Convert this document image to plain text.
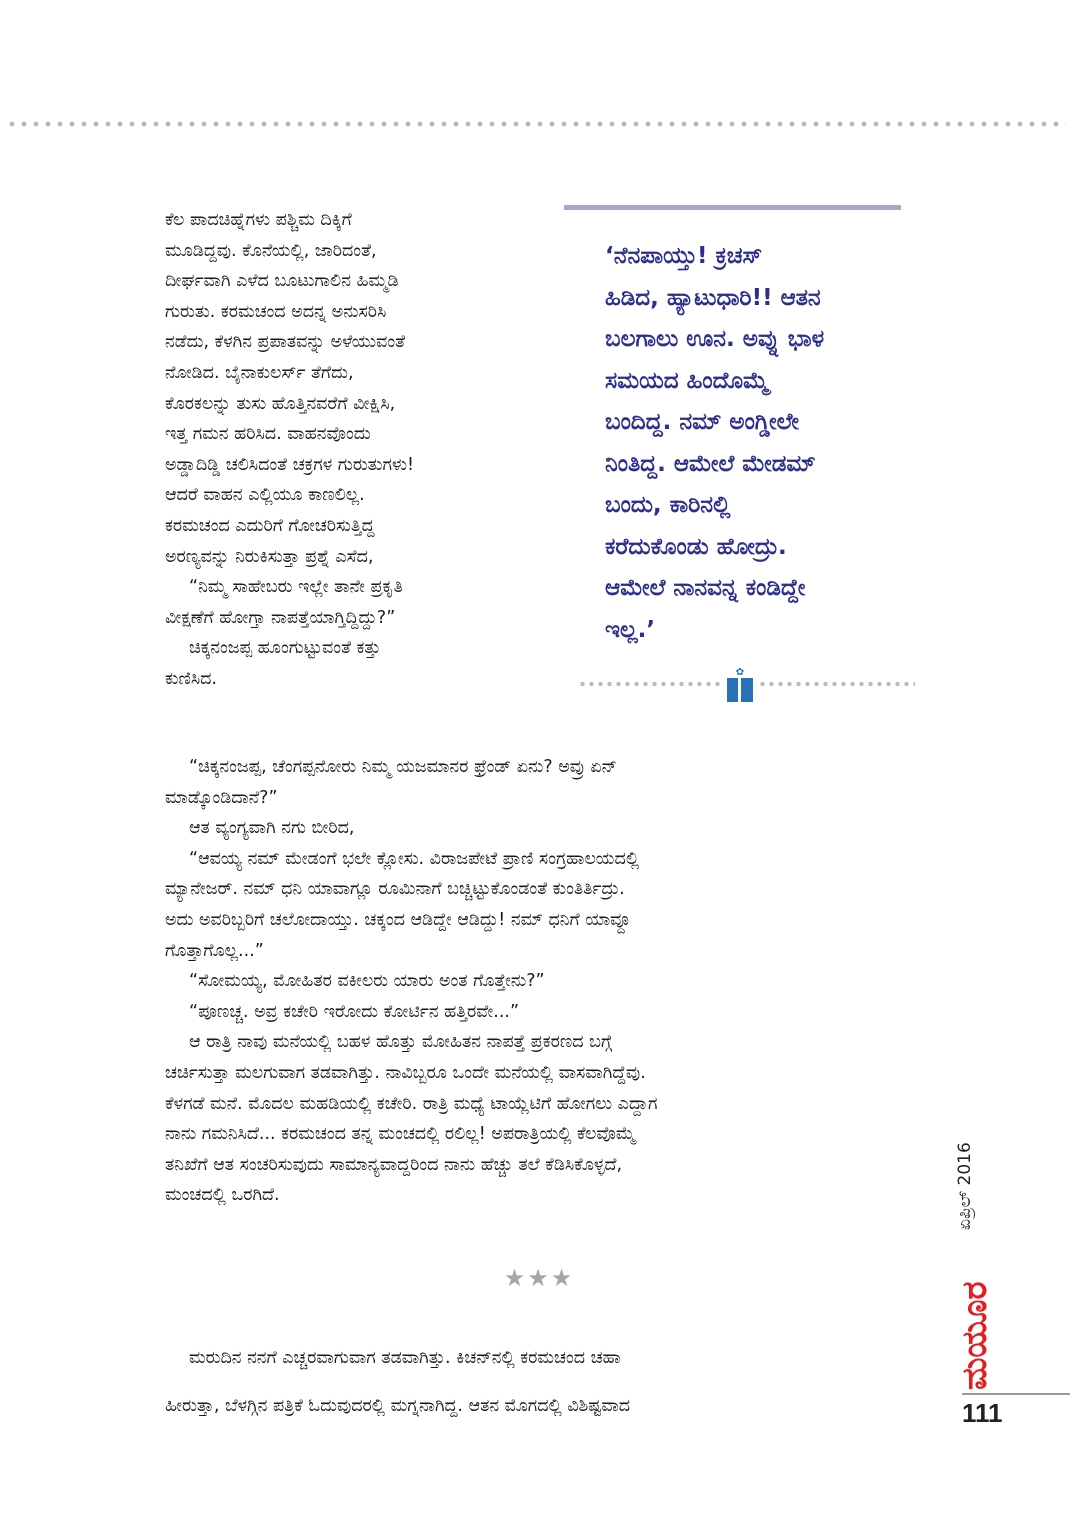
ಕೆಲ ಪಾದಚಿಹ್ನೆಗಳು ಪಶ್ಚಿಮ ದಿಕ್ಕಿಗೆ

ಮೂಡಿದ್ದವು. ಕೊನೆಯಲ್ಲಿ, ಜಾರಿದಂತೆ,

ದೀರ್ಘವಾಗಿ ಎಳೆದ ಬೂಟುಗಾಲಿನ ಹಿಮ್ಮಡಿ

ಗುರುತು. ಕರಮಚಂದ ಅದನ್ನ ಅನುಸರಿಸಿ

ನಡೆದು, ಕೆಳಗಿನ ಪ್ರಪಾತವನ್ನು ಅಳೆಯುವಂತೆ

ನೋಡಿದ. ಬೈನಾಕುಲರ್ಸ್ ತೆಗೆದು,

ಕೊರಕಲನ್ನು ತುಸು ಹೊತ್ತಿನವರೆಗೆ ವೀಕ್ಷಿಸಿ,

ಇತ್ತ ಗಮನ ಹರಿಸಿದ. ವಾಹನವೊಂದು

ಅಡ್ಡಾದಿಡ್ಡಿ ಚಲಿಸಿದಂತೆ ಚಕ್ರಗಳ ಗುರುತುಗಳು!

ಆದರೆ ವಾಹನ ಎಲ್ಲಿಯೂ ಕಾಣಲಿಲ್ಲ.

ಕರಮಚಂದ ಎದುರಿಗೆ ಗೋಚರಿಸುತ್ತಿದ್ದ

ಅರಣ್ಯವನ್ನು ನಿರುಕಿಸುತ್ತಾ ಪ್ರಶ್ನೆ ಎಸೆದ,

“ನಿಮ್ಮ ಸಾಹೇಬರು ಇಲ್ಲೇ ತಾನೇ ಪ್ರಕೃತಿ

ವೀಕ್ಷಣೆಗೆ ಹೋಗ್ತಾ ನಾಪತ್ತೆಯಾಗ್ತಿದ್ದಿದ್ದು?”

ಚಿಕ್ಕನಂಜಪ್ಪ ಹೂಂಗುಟ್ಟುವಂತೆ ಕತ್ತು

ಕುಣಿಸಿದ.

‘ನೆನಪಾಯ್ತು! ಕ್ರಚಸ್
ಹಿಡಿದ, ಹ್ಯಾಟುಧಾರಿ!! ಆತನ
ಬಲಗಾಲು ಊನ. ಅವ್ನು ಭಾಳ
ಸಮಯದ ಹಿಂದೊಮ್ಮೆ
ಬಂದಿದ್ದ. ನಮ್ ಅಂಗ್ಡೀಲೇ
ನಿಂತಿದ್ದ. ಆಮೇಲೆ ಮೇಡಮ್
ಬಂದು, ಕಾರಿನಲ್ಲಿ
ಕರೆದುಕೊಂಡು ಹೋದ್ರು.
ಆಮೇಲೆ ನಾನವನ್ನ ಕಂಡಿದ್ದೇ
ಇಲ್ಲ.’
✿

“ಚಿಕ್ಕನಂಜಪ್ಪ, ಚೆಂಗಪ್ಪನೋರು ನಿಮ್ಮ ಯಜಮಾನರ ಫ್ರೆಂಡ್ ಏನು? ಅವ್ರು ಏನ್

ಮಾಡ್ಕೊಂಡಿದಾನೆ?”

ಆತ ವ್ಯಂಗ್ಯವಾಗಿ ನಗು ಬೀರಿದ,

“ಆವಯ್ಯ ನಮ್ ಮೇಡಂಗೆ ಭಲೇ ಕ್ಲೋಸು. ವಿರಾಜಪೇಟೆ ಪ್ರಾಣಿ ಸಂಗ್ರಹಾಲಯದಲ್ಲಿ

ಮ್ಯಾನೇಜರ್. ನಮ್ ಧನಿ ಯಾವಾಗ್ಲೂ ರೂಮಿನಾಗೆ ಬಚ್ಚಿಟ್ಟುಕೊಂಡಂತೆ ಕುಂತಿರ್ತಿದ್ರು.

ಅದು ಅವರಿಬ್ಬರಿಗೆ ಚಲೋದಾಯ್ತು. ಚಕ್ಕಂದ ಆಡಿದ್ದೇ ಆಡಿದ್ದು! ನಮ್ ಧನಿಗೆ ಯಾವ್ದೂ

ಗೊತ್ತಾಗೊಲ್ಲ...”

“ಸೋಮಯ್ಯ, ಮೋಹಿತರ ವಕೀಲರು ಯಾರು ಅಂತ ಗೊತ್ತೇನು?”

“ಪೂಣಚ್ಚ. ಅವ್ರ ಕಚೇರಿ ಇರೋದು ಕೋರ್ಟಿನ ಹತ್ತಿರವೇ...”

ಆ ರಾತ್ರಿ ನಾವು ಮನೆಯಲ್ಲಿ ಬಹಳ ಹೊತ್ತು ಮೋಹಿತನ ನಾಪತ್ತೆ ಪ್ರಕರಣದ ಬಗ್ಗೆ

ಚರ್ಚಿಸುತ್ತಾ ಮಲಗುವಾಗ ತಡವಾಗಿತ್ತು. ನಾವಿಬ್ಬರೂ ಒಂದೇ ಮನೆಯಲ್ಲಿ ವಾಸವಾಗಿದ್ದೆವು.

ಕೆಳಗಡೆ ಮನೆ. ಮೊದಲ ಮಹಡಿಯಲ್ಲಿ ಕಚೇರಿ. ರಾತ್ರಿ ಮಧ್ಯೆ ಟಾಯ್ಲೆಟಿಗೆ ಹೋಗಲು ಎದ್ದಾಗ

ನಾನು ಗಮನಿಸಿದೆ... ಕರಮಚಂದ ತನ್ನ ಮಂಚದಲ್ಲಿ ರಲಿಲ್ಲ! ಅಪರಾತ್ರಿಯಲ್ಲಿ ಕೆಲವೊಮ್ಮೆ

ತನಿಖೆಗೆ ಆತ ಸಂಚರಿಸುವುದು ಸಾಮಾನ್ಯವಾದ್ದರಿಂದ ನಾನು ಹೆಚ್ಚು ತಲೆ ಕೆಡಿಸಿಕೊಳ್ಳದೆ,

ಮಂಚದಲ್ಲಿ ಒರಗಿದೆ.

★★★

ಮರುದಿನ ನನಗೆ ಎಚ್ಚರವಾಗುವಾಗ ತಡವಾಗಿತ್ತು. ಕಿಚನ್‌ನಲ್ಲಿ ಕರಮಚಂದ ಚಹಾ

ಹೀರುತ್ತಾ, ಬೆಳಗ್ಗಿನ ಪತ್ರಿಕೆ ಓದುವುದರಲ್ಲಿ ಮಗ್ನನಾಗಿದ್ದ. ಆತನ ಮೊಗದಲ್ಲಿ ವಿಶಿಷ್ಟವಾದ

ಏಪ್ರಿಲ್ 2016
ಮಯೂರ
111
